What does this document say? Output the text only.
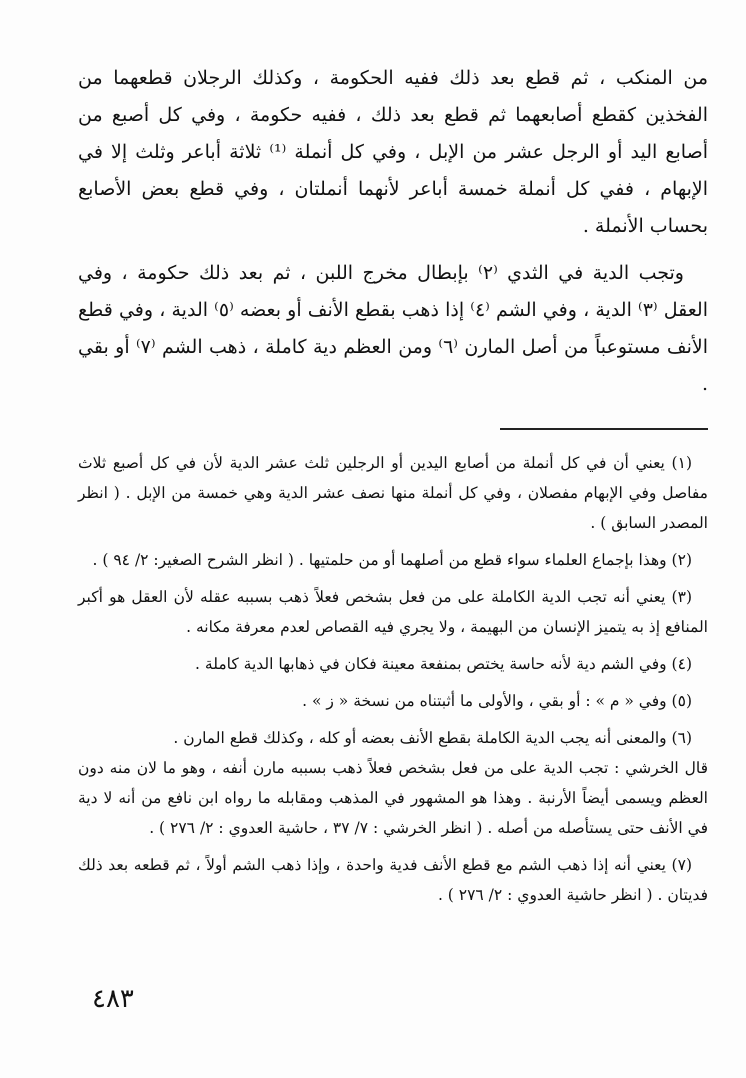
من المنكب ، ثم قطع بعد ذلك ففيه الحكومة ، وكذلك الرجلان قطعهما من الفخذين كقطع أصابعهما ثم قطع بعد ذلك ، ففيه حكومة ، وفي كل أصبع من أصابع اليد أو الرجل عشر من الإبل ، وفي كل أنملة ⁽¹⁾ ثلاثة أباعر وثلث إلا في الإبهام ، ففي كل أنملة خمسة أباعر لأنهما أنملتان ، وفي قطع بعض الأصابع بحساب الأنملة .

وتجب الدية في الثدي ⁽٢⁾ بإبطال مخرج اللبن ، ثم بعد ذلك حكومة ، وفي العقل ⁽٣⁾ الدية ، وفي الشم ⁽٤⁾ إذا ذهب بقطع الأنف أو بعضه ⁽٥⁾ الدية ، وفي قطع الأنف مستوعباً من أصل المارن ⁽٦⁾ ومن العظم دية كاملة ، ذهب الشم ⁽٧⁾ أو بقي .

(١) يعني أن في كل أنملة من أصابع اليدين أو الرجلين ثلث عشر الدية لأن في كل أصبع ثلاث مفاصل وفي الإبهام مفصلان ، وفي كل أنملة منها نصف عشر الدية وهي خمسة من الإبل . ( انظر المصدر السابق ) .

(٢) وهذا بإجماع العلماء سواء قطع من أصلهما أو من حلمتيها . ( انظر الشرح الصغير: ٢/ ٩٤ ) .

(٣) يعني أنه تجب الدية الكاملة على من فعل بشخص فعلاً ذهب بسببه عقله لأن العقل هو أكبر المنافع إذ به يتميز الإنسان من البهيمة ، ولا يجري فيه القصاص لعدم معرفة مكانه .

(٤) وفي الشم دية لأنه حاسة يختص بمنفعة معينة فكان في ذهابها الدية كاملة .

(٥) وفي « م » : أو بقي ، والأولى ما أثبتناه من نسخة « ز » .

(٦) والمعنى أنه يجب الدية الكاملة بقطع الأنف بعضه أو كله ، وكذلك قطع المارن .

قال الخرشي : تجب الدية على من فعل بشخص فعلاً ذهب بسببه مارن أنفه ، وهو ما لان منه دون العظم ويسمى أيضاً الأرنبة . وهذا هو المشهور في المذهب ومقابله ما رواه ابن نافع من أنه لا دية في الأنف حتى يستأصله من أصله . ( انظر الخرشي : ٧/ ٣٧ ، حاشية العدوي : ٢/ ٢٧٦ ) .

(٧) يعني أنه إذا ذهب الشم مع قطع الأنف فدية واحدة ، وإذا ذهب الشم أولاً ، ثم قطعه بعد ذلك فديتان . ( انظر حاشية العدوي : ٢/ ٢٧٦ ) .

٤٨٣
